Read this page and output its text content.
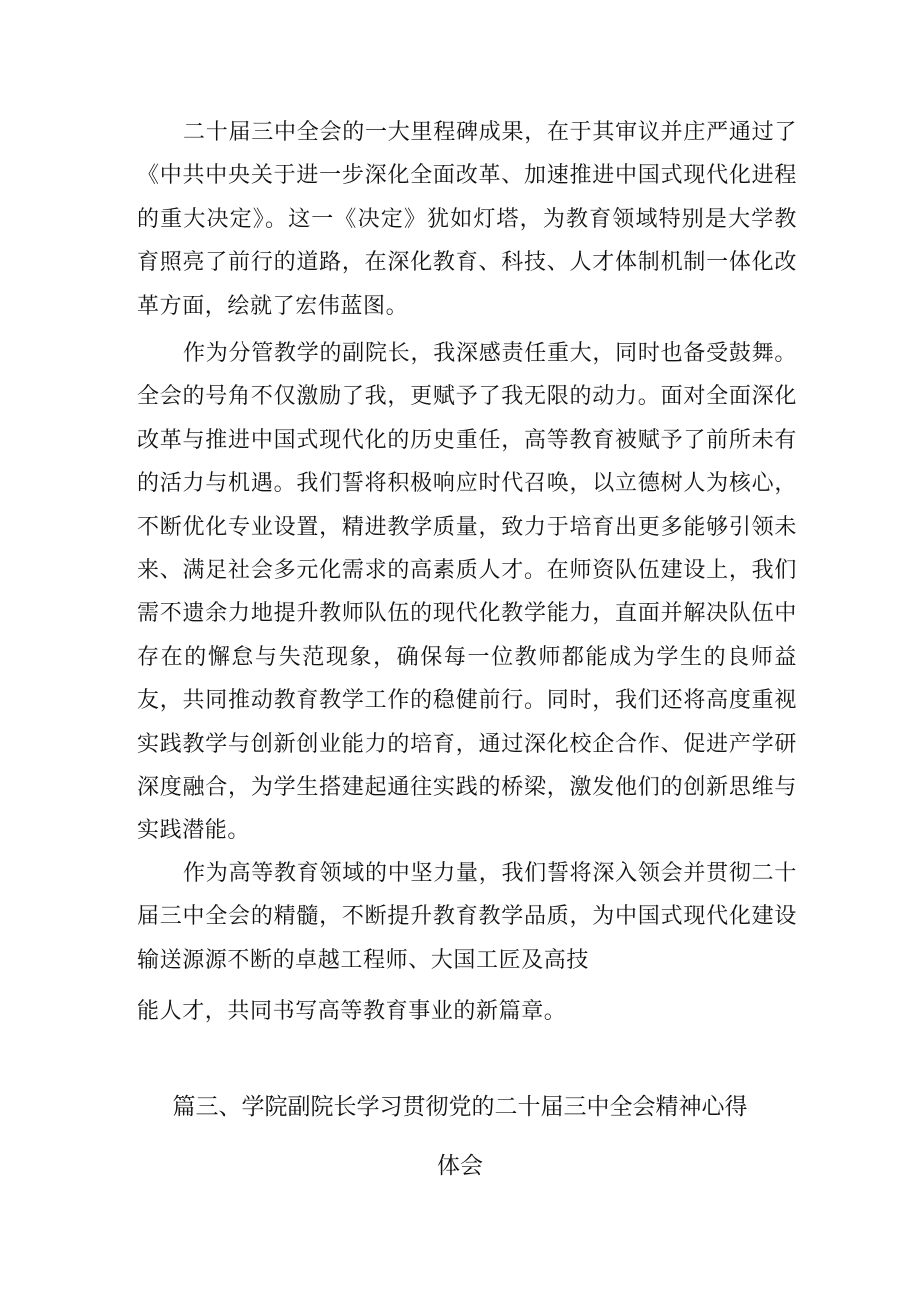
二十届三中全会的一大里程碑成果，在于其审议并庄严通过了《中共中央关于进一步深化全面改革、加速推进中国式现代化进程的重大决定》。这一《决定》犹如灯塔，为教育领域特别是大学教育照亮了前行的道路，在深化教育、科技、人才体制机制一体化改革方面，绘就了宏伟蓝图。

作为分管教学的副院长，我深感责任重大，同时也备受鼓舞。全会的号角不仅激励了我，更赋予了我无限的动力。面对全面深化改革与推进中国式现代化的历史重任，高等教育被赋予了前所未有的活力与机遇。我们誓将积极响应时代召唤，以立德树人为核心，不断优化专业设置，精进教学质量，致力于培育出更多能够引领未来、满足社会多元化需求的高素质人才。在师资队伍建设上，我们需不遗余力地提升教师队伍的现代化教学能力，直面并解决队伍中存在的懈怠与失范现象，确保每一位教师都能成为学生的良师益友，共同推动教育教学工作的稳健前行。同时，我们还将高度重视实践教学与创新创业能力的培育，通过深化校企合作、促进产学研深度融合，为学生搭建起通往实践的桥梁，激发他们的创新思维与实践潜能。

作为高等教育领域的中坚力量，我们誓将深入领会并贯彻二十届三中全会的精髓，不断提升教育教学品质，为中国式现代化建设输送源源不断的卓越工程师、大国工匠及高技

能人才，共同书写高等教育事业的新篇章。

篇三、学院副院长学习贯彻党的二十届三中全会精神心得
体会
